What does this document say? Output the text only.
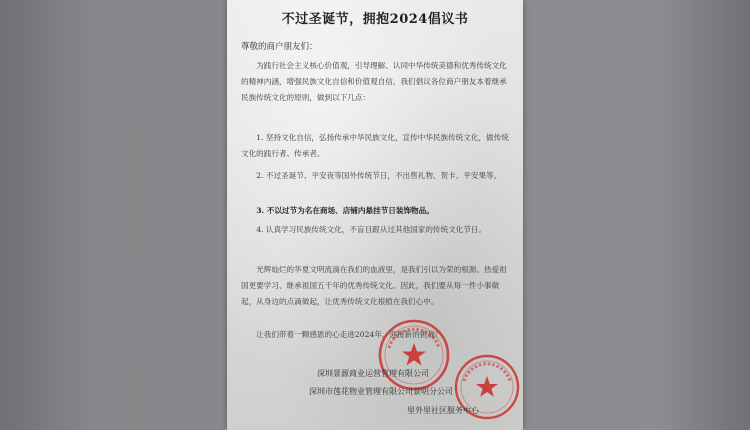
不过圣诞节，拥抱2024倡议书
尊敬的商户朋友们：
为践行社会主义核心价值观，引导理解、认同中华传统美德和优秀传统文化的精神内涵，增强民族文化自信和价值观自信，我们倡议各位商户朋友本着继承民族传统文化的原则，做到以下几点：
1. 坚持文化自信，弘扬传承中华民族文化，宣传中华民族传统文化，做传统文化的践行者、传承者。
2. 不过圣诞节、平安夜等国外传统节日，不出售礼物、贺卡、平安果等。
3. 不以过节为名在商场、店铺内悬挂节日装饰物品。
4. 认真学习民族传统文化，不盲目跟从过其他国家的传统文化节日。
光辉灿烂的华夏文明流淌在我们的血液里，是我们引以为荣的根源。热爱祖国更要学习、继承祖国五千年的优秀传统文化。因此，我们要从每一件小事做起，从身边的点滴做起，让优秀传统文化根植在我们心中。
让我们带着一颗感恩的心走进2024年，迎接新的挑战！
深圳景源商业运营管理有限公司
深圳市莲花物业管理有限公司景明分公司
里外里社区服务中心
